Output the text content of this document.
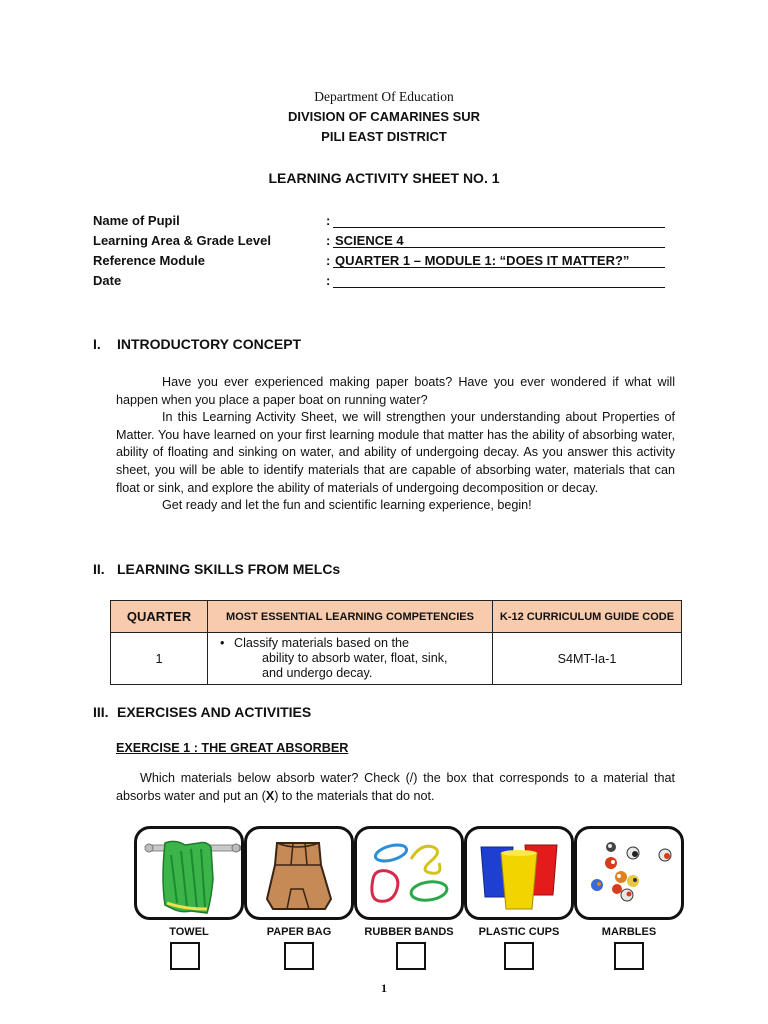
Department Of Education
DIVISION OF CAMARINES SUR
PILI EAST DISTRICT
LEARNING ACTIVITY SHEET NO. 1
Name of Pupil	:
Learning Area & Grade Level	: SCIENCE 4
Reference Module	: QUARTER 1 – MODULE 1: “DOES IT MATTER?”
Date	:
I. INTRODUCTORY CONCEPT

Have you ever experienced making paper boats? Have you ever wondered if what will happen when you place a paper boat on running water?

In this Learning Activity Sheet, we will strengthen your understanding about Properties of Matter. You have learned on your first learning module that matter has the ability of absorbing water, ability of floating and sinking on water, and ability of undergoing decay. As you answer this activity sheet, you will be able to identify materials that are capable of absorbing water, materials that can float or sink, and explore the ability of materials of undergoing decomposition or decay.

Get ready and let the fun and scientific learning experience, begin!

II. LEARNING SKILLS FROM MELCs
QUARTER	MOST ESSENTIAL LEARNING COMPETENCIES	K-12 CURRICULUM GUIDE CODE
1	• Classify materials based on the
ability to absorb water, float, sink,
and undergo decay.	S4MT-Ia-1
III. EXERCISES AND ACTIVITIES
EXERCISE 1 : THE GREAT ABSORBER
Which materials below absorb water? Check (/) the box that corresponds to a material that absorbs water and put an (X) to the materials that do not.
TOWEL	PAPER BAG	RUBBER BANDS	PLASTIC CUPS	MARBLES
1
